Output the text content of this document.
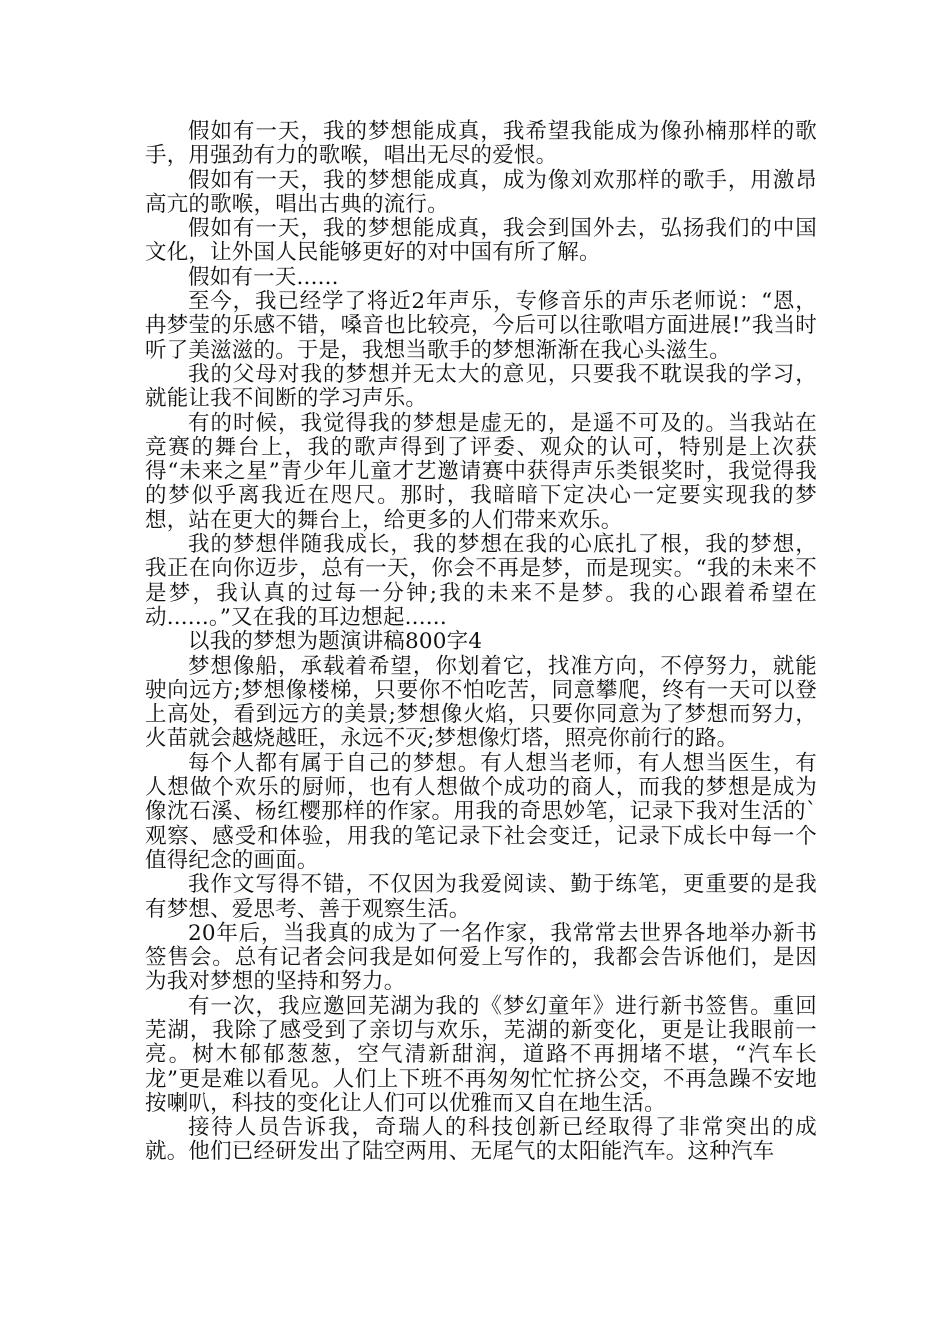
假如有一天，我的梦想能成真，我希望我能成为像孙楠那样的歌手，用强劲有力的歌喉，唱出无尽的爱恨。

假如有一天，我的梦想能成真，成为像刘欢那样的歌手，用激昂高亢的歌喉，唱出古典的流行。

假如有一天，我的梦想能成真，我会到国外去，弘扬我们的中国文化，让外国人民能够更好的对中国有所了解。

假如有一天......

至今，我已经学了将近2年声乐，专修音乐的声乐老师说：“恩，冉梦莹的乐感不错，嗓音也比较亮，今后可以往歌唱方面进展!”我当时听了美滋滋的。于是，我想当歌手的梦想渐渐在我心头滋生。

我的父母对我的梦想并无太大的意见，只要我不耽误我的学习，就能让我不间断的学习声乐。

有的时候，我觉得我的梦想是虚无的，是遥不可及的。当我站在竞赛的舞台上，我的歌声得到了评委、观众的认可，特别是上次获得“未来之星”青少年儿童才艺邀请赛中获得声乐类银奖时，我觉得我的梦似乎离我近在咫尺。那时，我暗暗下定决心一定要实现我的梦想，站在更大的舞台上，给更多的人们带来欢乐。

我的梦想伴随我成长，我的梦想在我的心底扎了根，我的梦想，我正在向你迈步，总有一天，你会不再是梦，而是现实。“我的未来不是梦，我认真的过每一分钟;我的未来不是梦。我的心跟着希望在动......。”又在我的耳边想起......

以我的梦想为题演讲稿800字4

梦想像船，承载着希望，你划着它，找准方向，不停努力，就能驶向远方;梦想像楼梯，只要你不怕吃苦，同意攀爬，终有一天可以登上高处，看到远方的美景;梦想像火焰，只要你同意为了梦想而努力，火苗就会越烧越旺，永远不灭;梦想像灯塔，照亮你前行的路。

每个人都有属于自己的梦想。有人想当老师，有人想当医生，有人想做个欢乐的厨师，也有人想做个成功的商人，而我的梦想是成为像沈石溪、杨红樱那样的作家。用我的奇思妙笔，记录下我对生活的`观察、感受和体验，用我的笔记录下社会变迁，记录下成长中每一个值得纪念的画面。

我作文写得不错，不仅因为我爱阅读、勤于练笔，更重要的是我有梦想、爱思考、善于观察生活。

20年后，当我真的成为了一名作家，我常常去世界各地举办新书签售会。总有记者会问我是如何爱上写作的，我都会告诉他们，是因为我对梦想的坚持和努力。

有一次，我应邀回芜湖为我的《梦幻童年》进行新书签售。重回芜湖，我除了感受到了亲切与欢乐，芜湖的新变化，更是让我眼前一亮。树木郁郁葱葱，空气清新甜润，道路不再拥堵不堪，“汽车长龙”更是难以看见。人们上下班不再匆匆忙忙挤公交，不再急躁不安地按喇叭，科技的变化让人们可以优雅而又自在地生活。

接待人员告诉我，奇瑞人的科技创新已经取得了非常突出的成就。他们已经研发出了陆空两用、无尾气的太阳能汽车。这种汽车
